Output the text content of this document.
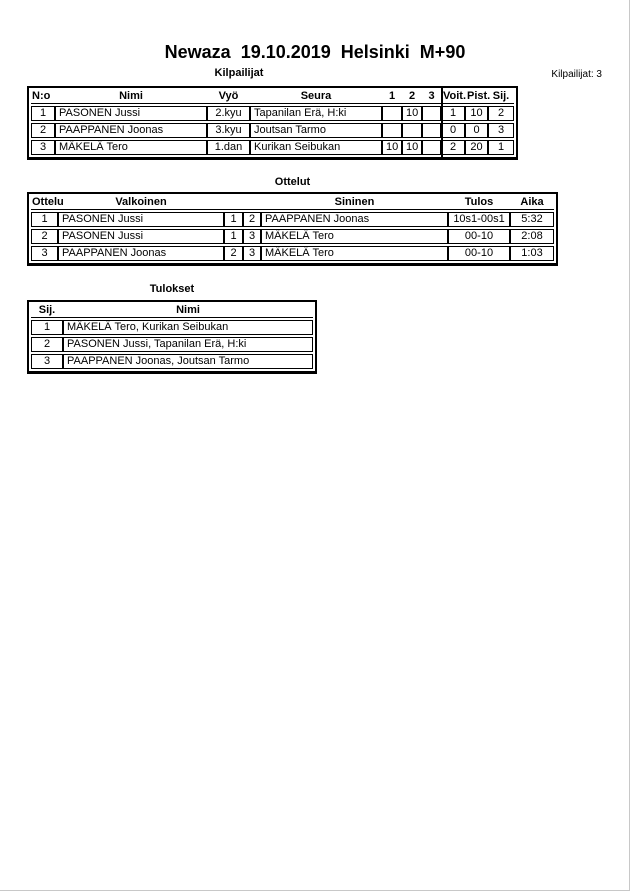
Newaza  19.10.2019  Helsinki  M+90
Kilpailijat	Kilpailijat: 3
N:o	Nimi	Vyö	Seura	1	2	3	Voit.	Pist.	Sij.
1	PASONEN Jussi	2.kyu	Tapanilan Erä, H:ki		10		1	10	2
2	PAAPPANEN Joonas	3.kyu	Joutsan Tarmo				0	0	3
3	MÄKELÄ Tero	1.dan	Kurikan Seibukan	10	10		2	20	1
Ottelut
Ottelu	Valkoinen			Sininen	Tulos	Aika
1	PASONEN Jussi	1	2	PAAPPANEN Joonas	10s1-00s1	5:32
2	PASONEN Jussi	1	3	MÄKELÄ Tero	00-10	2:08
3	PAAPPANEN Joonas	2	3	MÄKELÄ Tero	00-10	1:03
Tulokset
Sij.	Nimi
1	MÄKELÄ Tero, Kurikan Seibukan
2	PASONEN Jussi, Tapanilan Erä, H:ki
3	PAAPPANEN Joonas, Joutsan Tarmo
